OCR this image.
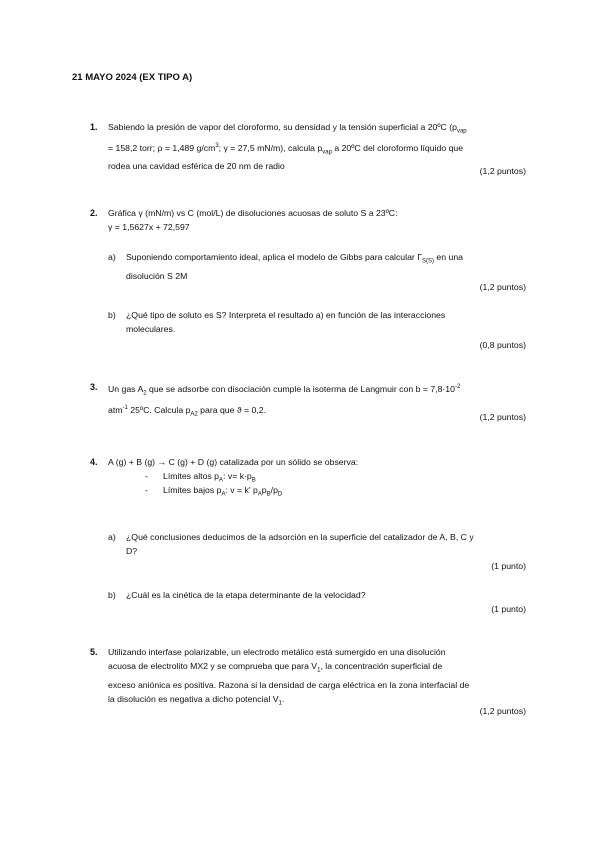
21 MAYO 2024 (EX TIPO A)
1. Sabiendo la presión de vapor del cloroformo, su densidad y la tensión superficial a 20ºC ($p_{vap}$
= 158,2 torr; ρ = 1,489 $g/cm^3$; γ = 27,5 mN/m), calcula $p_{vap}$ a 20ºC del cloroformo líquido que
rodea una cavidad esférica de 20 nm de radio	(1,2 puntos)
2. Gráfica γ (mN/m) vs C (mol/L) de disoluciones acuosas de soluto S a 23ºC:
γ = 1,5627x + 72,597
a) Suponiendo comportamiento ideal, aplica el modelo de Gibbs para calcular $\Gamma_{S(S)}$ en una
disolución S 2M
(1,2 puntos)
b) ¿Qué tipo de soluto es S? Interpreta el resultado a) en función de las interacciones
moleculares.
(0,8 puntos)
3. Un gas $A_2$ que se adsorbe con disociación cumple la isoterma de Langmuir con $b = 7,8\cdot 10^{-2}$
atm$^{-1}$ 25ºC. Calcula $p_{A2}$ para que ϑ = 0,2.
(1,2 puntos)
4. A (g) + B (g) → C (g) + D (g) catalizada por un sólido se observa:
- Límites altos $p_A$: $v= k\cdot p_B$
- Límites bajos $p_A$: v = k' $p_Ap_B/p_D$
a) ¿Qué conclusiones deducimos de la adsorción en la superficie del catalizador de A, B, C y
D?
(1 punto)
b) ¿Cuál es la cinética de la etapa determinante de la velocidad?
(1 punto)
5. Utilizando interfase polarizable, un electrodo metálico está sumergido en una disolución
acuosa de electrolito MX2 y se comprueba que para $V_1$, la concentración superficial de
exceso aniónica es positiva. Razona si la densidad de carga eléctrica en la zona interfacial de
la disolución es negativa a dicho potencial $V_1$.
(1,2 puntos)
